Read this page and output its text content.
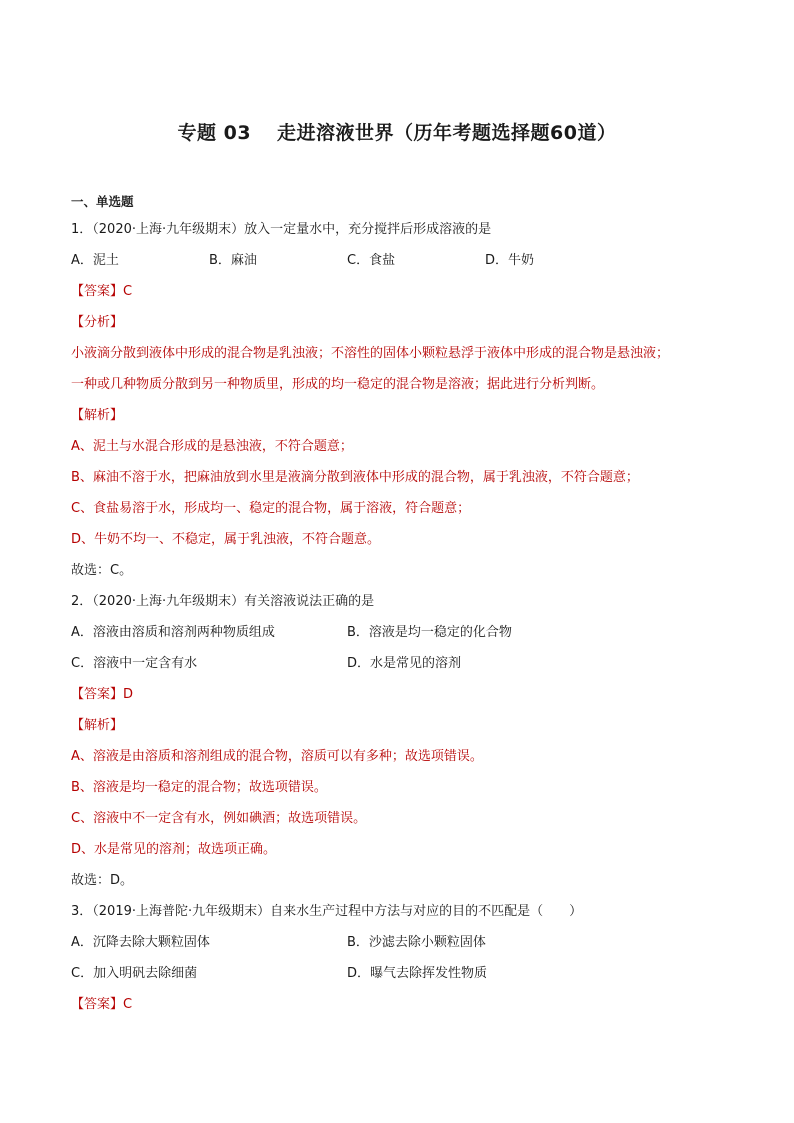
专题 03 走进溶液世界（历年考题选择题60道）
一、单选题
1．（2020·上海·九年级期末）放入一定量水中，充分搅拌后形成溶液的是
A．泥土	B．麻油	C．食盐	D．牛奶
【答案】C
【分析】
小液滴分散到液体中形成的混合物是乳浊液；不溶性的固体小颗粒悬浮于液体中形成的混合物是悬浊液；
一种或几种物质分散到另一种物质里，形成的均一稳定的混合物是溶液；据此进行分析判断。
【解析】
A、泥土与水混合形成的是悬浊液，不符合题意；
B、麻油不溶于水，把麻油放到水里是液滴分散到液体中形成的混合物，属于乳浊液，不符合题意；
C、食盐易溶于水，形成均一、稳定的混合物，属于溶液，符合题意；
D、牛奶不均一、不稳定，属于乳浊液，不符合题意。
故选：C。
2．（2020·上海·九年级期末）有关溶液说法正确的是
A．溶液由溶质和溶剂两种物质组成	B．溶液是均一稳定的化合物
C．溶液中一定含有水	D．水是常见的溶剂
【答案】D
【解析】
A、溶液是由溶质和溶剂组成的混合物，溶质可以有多种；故选项错误。
B、溶液是均一稳定的混合物；故选项错误。
C、溶液中不一定含有水，例如碘酒；故选项错误。
D、水是常见的溶剂；故选项正确。
故选：D。
3．（2019·上海普陀·九年级期末）自来水生产过程中方法与对应的目的不匹配是（　　）
A．沉降去除大颗粒固体	B．沙滤去除小颗粒固体
C．加入明矾去除细菌	D．曝气去除挥发性物质
【答案】C
